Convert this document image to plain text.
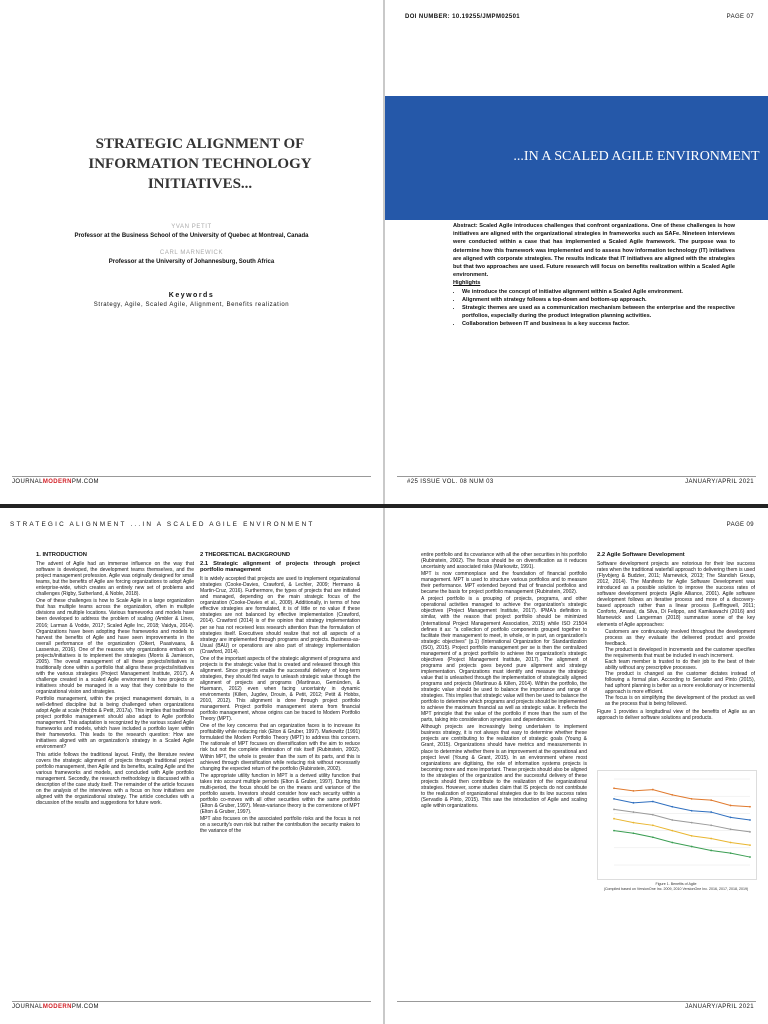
STRATEGIC ALIGNMENT OF INFORMATION TECHNOLOGY INITIATIVES...
YVAN PETIT
Professor at the Business School of the University of Quebec at Montreal, Canada
CARL MARNEWICK
Professor at the University of Johannesburg, South Africa
Keywords
Strategy, Agile, Scaled Agile, Alignment, Benefits realization
JOURNALMODERNPM.COM
DOI NUMBER: 10.19255/JMPM02501	PAGE 07
...IN A SCALED AGILE ENVIRONMENT
Abstract: Scaled Agile introduces challenges that confront organizations. One of these challenges is how initiatives are aligned with the organizational strategies in frameworks such as SAFe. Nineteen interviews were conducted within a case that has implemented a Scaled Agile framework. The purpose was to determine how this framework was implemented and to assess how information technology (IT) initiatives are aligned with corporate strategies. The results indicate that IT initiatives are aligned with the strategies but that two approaches are used. Future research will focus on benefits realization within a Scaled Agile environment.
Highlights
• We introduce the concept of initiative alignment within a Scaled Agile environment.
• Alignment with strategy follows a top-down and bottom-up approach.
• Strategic themes are used as a communication mechanism between the enterprise and the respective portfolios, especially during the product integration planning activities.
• Collaboration between IT and business is a key success factor.
#25 ISSUE VOL. 08 NUM 03	JANUARY/APRIL 2021
STRATEGIC ALIGNMENT ...IN A SCALED AGILE ENVIRONMENT
1. INTRODUCTION

The advent of Agile had an immense influence on the way that software is developed, the development teams themselves, and the project management profession. Agile was originally designed for small teams, but the benefits of Agile are forcing organizations to adopt Agile enterprise-wide, which creates an entirely new set of problems and challenges (Rigby, Sutherland, & Noble, 2018).

One of these challenges is how to Scale Agile in a large organization that has multiple teams across the organization, often in multiple divisions and multiple locations. Various frameworks and models have been developed to address the problem of scaling (Ambler & Lines, 2016; Larman & Vodde, 2017; Scaled Agile Inc, 2018; Vaidya, 2014). Organizations have been adopting these frameworks and models to harvest the benefits of Agile and have seen improvements in the overall performance of the organization (Dikert, Paasivaara, & Lassenius, 2016). One of the reasons why organizations embark on projects/initiatives is to implement the strategies (Morris & Jamieson, 2005). The overall management of all these projects/initiatives is traditionally done within a portfolio that aligns these projects/initiatives with the various strategies (Project Management Institute, 2017). A challenge created in a scaled Agile environment is how projects or initiatives should be managed in a way that they contribute to the organizational vision and strategies.

Portfolio management, within the project management domain, is a well-defined discipline but is being challenged when organizations adopt Agile at scale (Hobbs & Petit, 2017a). This implies that traditional project portfolio management should also adapt to Agile portfolio management. This adaptation is recognized by the various scaled Agile frameworks and models, which have included a portfolio layer within their frameworks. This leads to the research question: How are initiatives aligned with an organization's strategy in a Scaled Agile environment?

This article follows the traditional layout. Firstly, the literature review covers the strategic alignment of projects through traditional project portfolio management, then Agile and its benefits, scaling Agile and the various frameworks and models, and concluded with Agile portfolio management. Secondly, the research methodology is discussed with a description of the case study itself. The remainder of the article focuses on the analysis of the interviews with a focus on how initiatives are aligned with the organizational strategy. The article concludes with a discussion of the results and suggestions for future work.

2 THEORETICAL BACKGROUND
2.1 Strategic alignment of projects through project portfolio management

It is widely accepted that projects are used to implement organizational strategies (Cooke-Davies, Crawford, & Lechler, 2009; Hermano & Martin-Cruz, 2016). Furthermore, the types of projects that are initiated and managed, depending on the main strategic focus of the organization (Cooke-Davies et al., 2009). Additionally, in terms of how effective strategies are formulated, it is of little or no value if these strategies are not balanced by effective implementation (Crawford, 2014). Crawford (2014) is of the opinion that strategy implementation per se has not received less research attention than the formulation of strategies itself. Executives should realize that not all aspects of a strategy are implemented through programs and projects. Business-as-Usual (BAU) or operations are also part of strategy implementation (Crawford, 2014).

One of the important aspects of the strategic alignment of programs and projects is the strategic value that is created and released through this alignment. Since projects enable the successful delivery of long-term strategies, they should find ways to unleash strategic value through the alignment of projects and programs (Martinsuo, Gemünden, & Huemann, 2012) even when facing uncertainty in dynamic environments (Killen, Jugdev, Drouin, & Petit, 2012; Petit & Hobbs, 2010, 2012). This alignment is done through project portfolio management. Project portfolio management stems from financial portfolio management, whose origins can be traced to Modern Portfolio Theory (MPT).

One of the key concerns that an organization faces is to increase its profitability while reducing risk (Elton & Gruber, 1997). Markowitz (1991) formulated the Modern Portfolio Theory (MPT) to address this concern. The rationale of MPT focuses on diversification with the aim to reduce risk but not the complete elimination of risk itself (Rubinstein, 2002). Within MPT, the whole is greater than the sum of its parts, and this is achieved through diversification while reducing risk without necessarily changing the expected return of the portfolio (Rubinstein, 2002).

The appropriate utility function in MPT is a derived utility function that takes into account multiple periods (Elton & Gruber, 1997). During this multi-period, the focus should be on the means and variance of the portfolio assets. Investors should consider how each security within a portfolio co-moves with all other securities within the same portfolio (Elton & Gruber, 1997). Mean-variance theory is the cornerstone of MPT (Elton & Gruber, 1997).

MPT also focuses on the associated portfolio risks and the focus is not on a security's own risk but rather the contribution the security makes to the variance of the

JOURNALMODERNPM.COM
PAGE 09

entire portfolio and its covariance with all the other securities in his portfolio (Rubinstein, 2002). The focus should be on diversification as it reduces uncertainty and associated risks (Markowitz, 1991).

MPT is now commonplace and the foundation of financial portfolio management. MPT is used to structure various portfolios and to measure their performance. MPT extended beyond that of financial portfolios and became the basis for project portfolio management (Rubinstein, 2002).

A project portfolio is a grouping of projects, programs, and other operational activities managed to achieve the organization's strategic objectives (Project Management Institute, 2017). IPMA's definition is similar, with the reason that project portfolio should be minimized (International Project Management Association, 2015) while ISO 21504 defines it as: "a collection of portfolio components grouped together to facilitate their management to meet, in whole, or in part, an organization's strategic objectives" (p.1) (International Organization for Standardization (ISO), 2015). Project portfolio management per se is then the centralized management of a project portfolio to achieve the organization's strategic objectives (Project Management Institute, 2017). The alignment of programs and projects goes beyond pure alignment and strategy implementation. Organizations must identify and measure the strategic value that is unleashed through the implementation of strategically aligned programs and projects (Martinsuo & Killen, 2014). Within the portfolio, the strategic value should be used to balance the importance and range of strategies. This implies that strategic value will then be used to balance the portfolio to determine which programs and projects should be implemented to achieve the maximum financial as well as strategic value. It reflects the MPT principle that the value of the portfolio if more than the sum of the parts, taking into consideration synergies and dependencies.

Although projects are increasingly being undertaken to implement business strategy, it is not always that easy to determine whether these projects are contributing to the realization of strategic goals (Young & Grant, 2015). Organizations should have metrics and measurements in place to determine whether there is an improvement at the operational and project level (Young & Grant, 2015). In an environment where most organizations are digitising, the role of information systems projects is becoming more and more important. These projects should also be aligned to the strategies of the organization and the successful delivery of these projects should then contribute to the realization of the organizational strategies. However, some studies claim that IS projects do not contribute to the realization of organizational strategies due to its low success rates (Servadio & Pinto, 2015). This saw the introduction of Agile and scaling agile within organizations.

2.2 Agile Software Development

Software development projects are notorious for their low success rates when the traditional waterfall approach to delivering them is used (Flyvbjerg & Budzier, 2011; Marnewick, 2013; The Standish Group, 2012, 2014). The Manifesto for Agile Software Development was introduced as a possible solution to improve the success rates of software development projects (Agile Alliance, 2001). Agile software development follows an iterative process and more of a discovery-based approach rather than a linear process (Leffingwell, 2011; Conforto, Amaral, da Silva, Di Felippo, and Kamikawachi (2016) and Marnewick and Langerman (2018) summarise some of the key elements of Agile approaches:

• Customers are continuously involved throughout the development process as they evaluate the delivered product and provide feedback.
• The product is developed in increments and the customer specifies the requirements that must be included in each increment.
• Each team member is trusted to do their job to the best of their ability without any prescriptive processes.
• The product is changed as the customer dictates instead of following a formal plan. According to Serrador and Pinto (2015), had upfront planning is better as a more evolutionary or incremental approach is more efficient.
• The focus is on simplifying the development of the product as well as the process that is being followed.

Figure 1 provides a longitudinal view of the benefits of Agile as an approach to deliver software solutions and products.

Figure 1. Benefits of Agile
(Compiled based on VersionOne Inc. 2009, 2010 VersionOne Inc. 2016, 2017, 2018, 2019)
JANUARY/APRIL 2021
